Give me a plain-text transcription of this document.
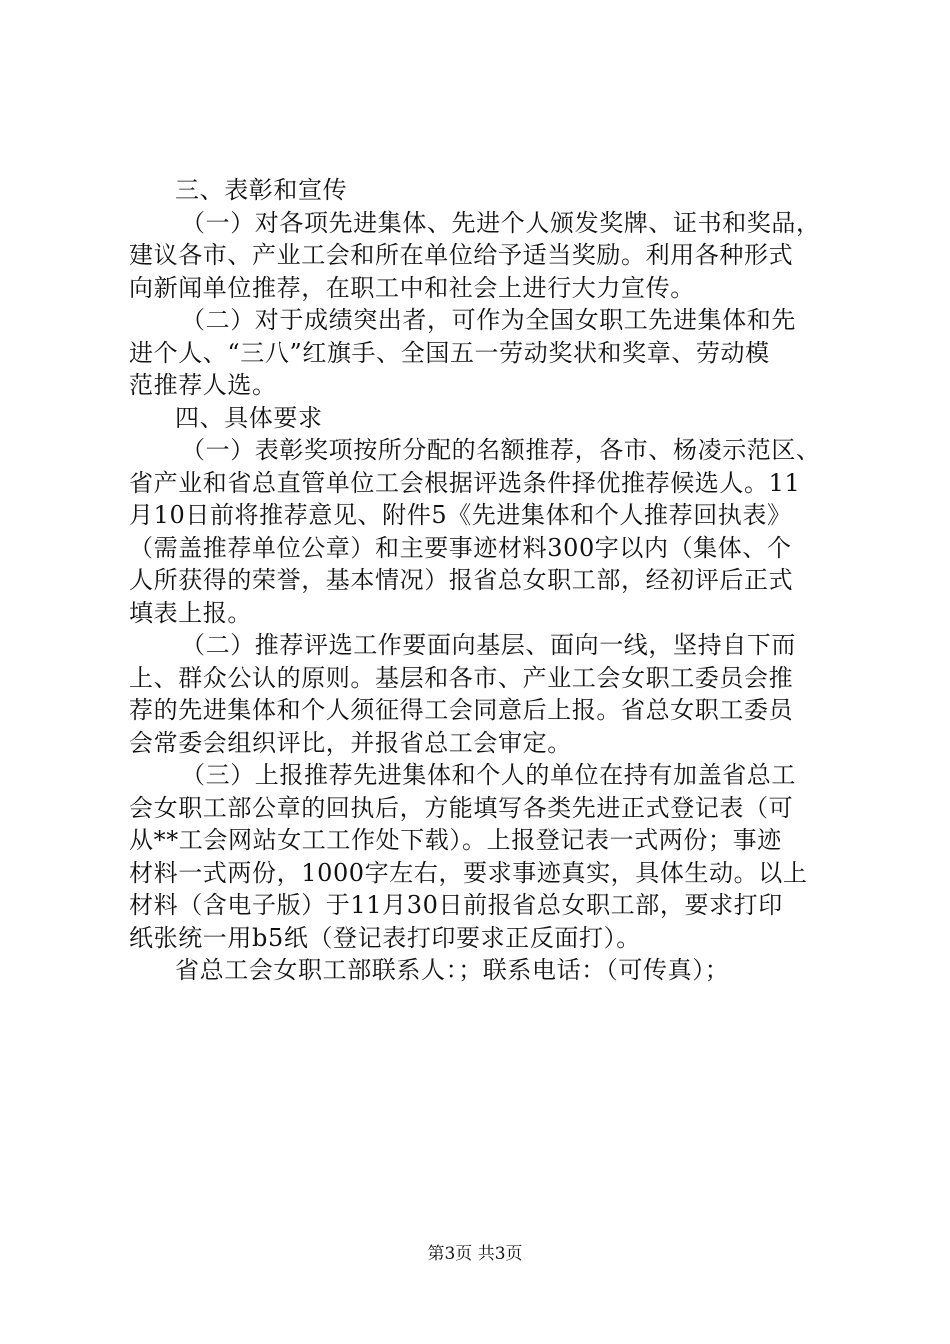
三、表彰和宣传
（一）对各项先进集体、先进个人颁发奖牌、证书和奖品，
建议各市、产业工会和所在单位给予适当奖励。利用各种形式
向新闻单位推荐，在职工中和社会上进行大力宣传。
（二）对于成绩突出者，可作为全国女职工先进集体和先
进个人、“三八”红旗手、全国五一劳动奖状和奖章、劳动模
范推荐人选。
四、具体要求
（一）表彰奖项按所分配的名额推荐，各市、杨凌示范区、
省产业和省总直管单位工会根据评选条件择优推荐候选人。11
月10日前将推荐意见、附件5《先进集体和个人推荐回执表》
（需盖推荐单位公章）和主要事迹材料300字以内（集体、个
人所获得的荣誉，基本情况）报省总女职工部，经初评后正式
填表上报。
（二）推荐评选工作要面向基层、面向一线，坚持自下而
上、群众公认的原则。基层和各市、产业工会女职工委员会推
荐的先进集体和个人须征得工会同意后上报。省总女职工委员
会常委会组织评比，并报省总工会审定。
（三）上报推荐先进集体和个人的单位在持有加盖省总工
会女职工部公章的回执后，方能填写各类先进正式登记表（可
从**工会网站女工工作处下载）。上报登记表一式两份；事迹
材料一式两份，1000字左右，要求事迹真实，具体生动。以上
材料（含电子版）于11月30日前报省总女职工部，要求打印
纸张统一用b5纸（登记表打印要求正反面打）。
省总工会女职工部联系人：；联系电话：（可传真）；
第3页 共3页
